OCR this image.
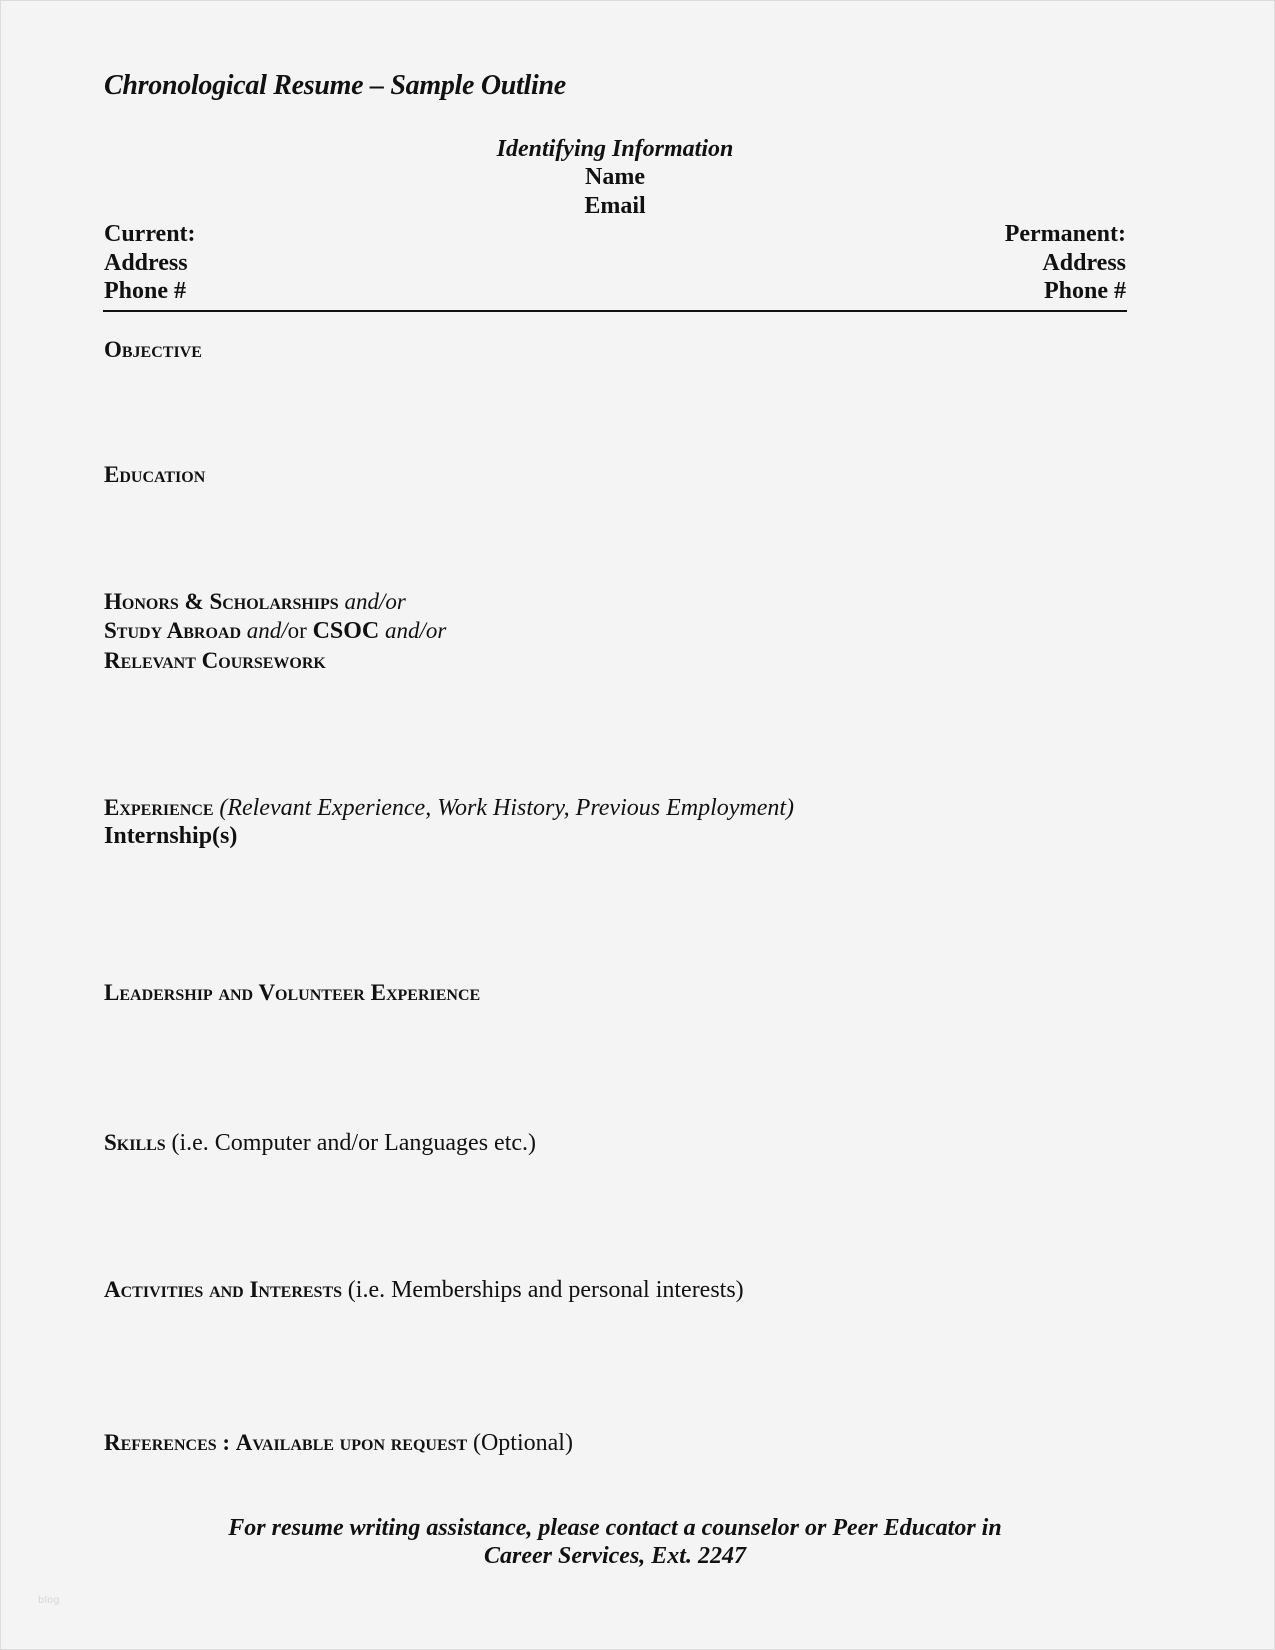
Chronological Resume – Sample Outline
Identifying Information
Name
Email
Current:
Address
Phone #
Permanent:
Address
Phone #
Objective
Education
Honors & Scholarships and/or
Study Abroad and/or CSOC and/or
Relevant Coursework
Experience (Relevant Experience, Work History, Previous Employment)
Internship(s)
Leadership and Volunteer Experience
Skills (i.e. Computer and/or Languages etc.)
Activities and Interests (i.e. Memberships and personal interests)
References : Available upon request (Optional)
For resume writing assistance, please contact a counselor or Peer Educator in
Career Services, Ext. 2247
blog
